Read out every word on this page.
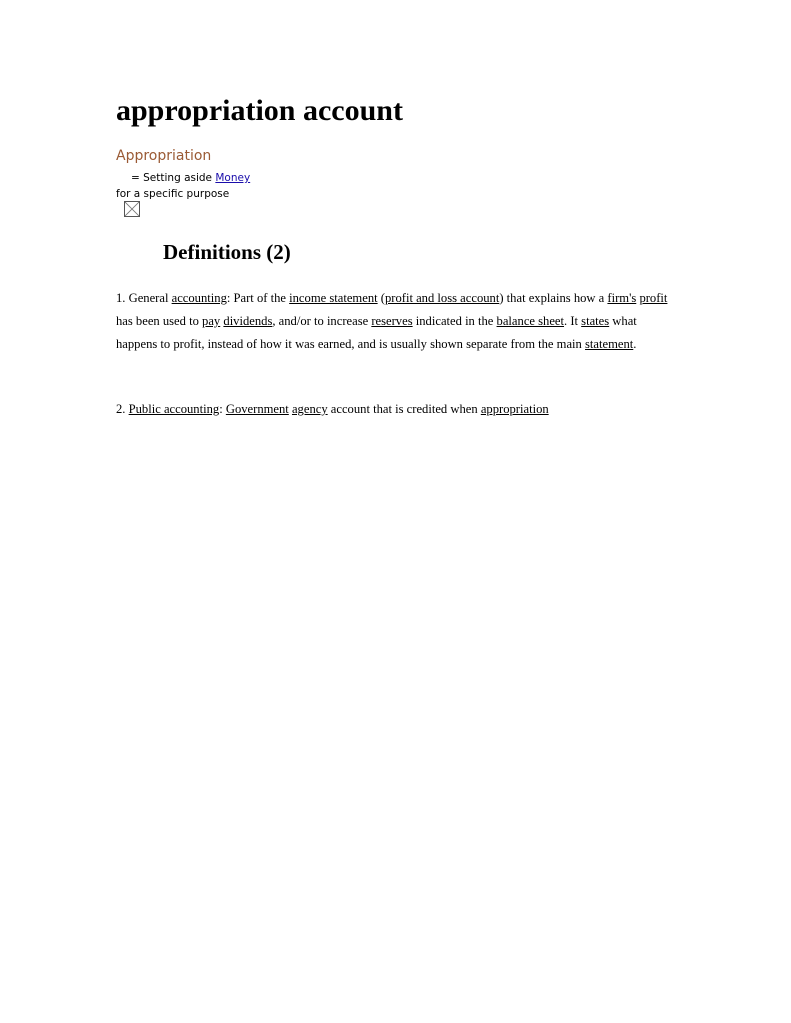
appropriation account
Appropriation
= Setting aside Money
for a specific purpose
Definitions (2)

1. General accounting: Part of the income statement (profit and loss account) that explains how a firm's profit has been used to pay dividends, and/or to increase reserves indicated in the balance sheet. It states what happens to profit, instead of how it was earned, and is usually shown separate from the main statement.

2. Public accounting: Government agency account that is credited when appropriation
